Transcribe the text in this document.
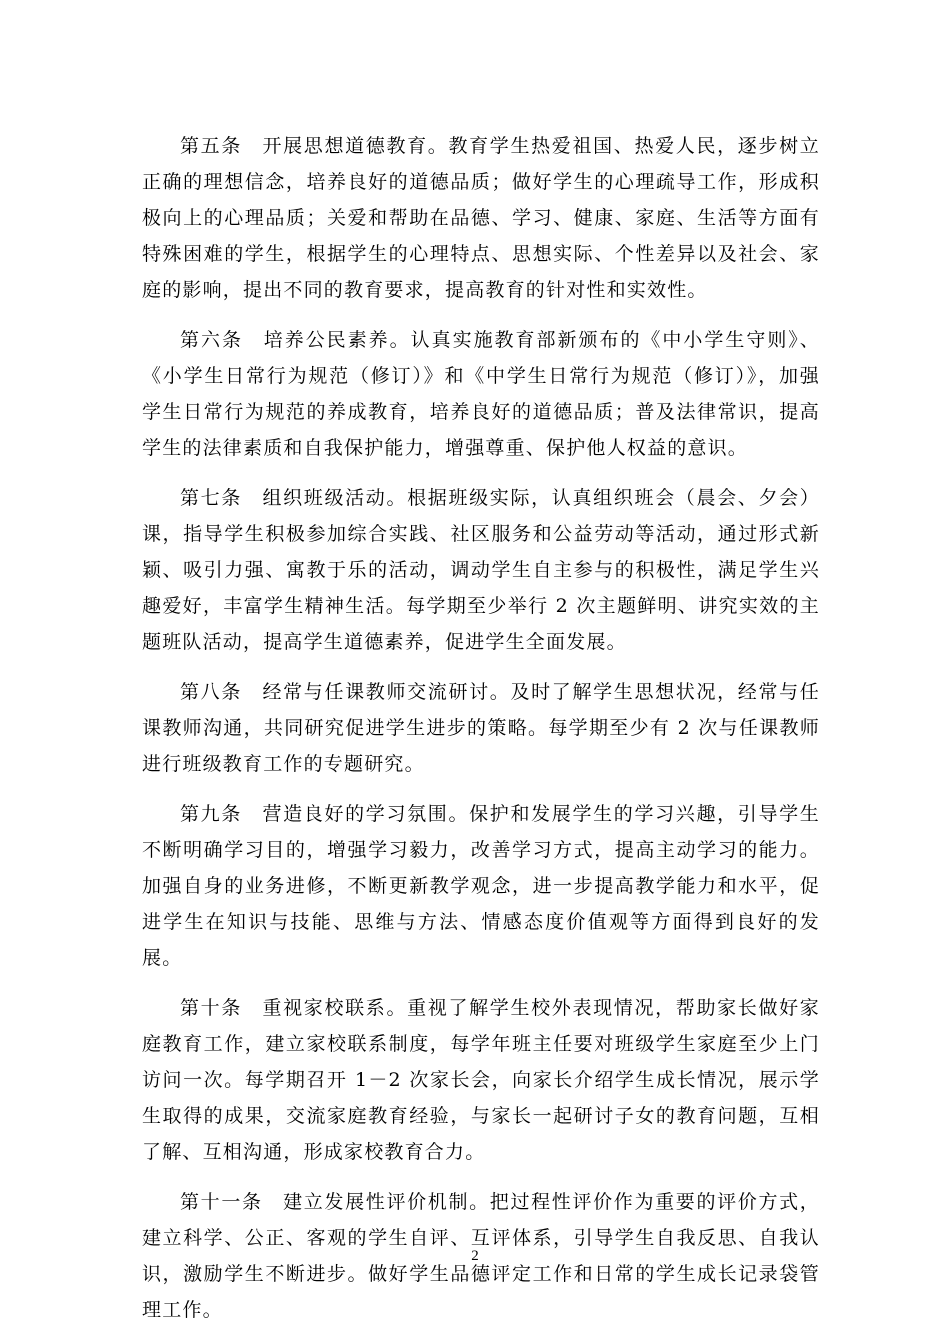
第五条 开展思想道德教育。教育学生热爱祖国、热爱人民，逐步树立正确的理想信念，培养良好的道德品质；做好学生的心理疏导工作，形成积极向上的心理品质；关爱和帮助在品德、学习、健康、家庭、生活等方面有特殊困难的学生，根据学生的心理特点、思想实际、个性差异以及社会、家庭的影响，提出不同的教育要求，提高教育的针对性和实效性。

第六条 培养公民素养。认真实施教育部新颁布的《中小学生守则》、《小学生日常行为规范（修订）》和《中学生日常行为规范（修订）》，加强学生日常行为规范的养成教育，培养良好的道德品质；普及法律常识，提高学生的法律素质和自我保护能力，增强尊重、保护他人权益的意识。

第七条 组织班级活动。根据班级实际，认真组织班会（晨会、夕会）课，指导学生积极参加综合实践、社区服务和公益劳动等活动，通过形式新颖、吸引力强、寓教于乐的活动，调动学生自主参与的积极性，满足学生兴趣爱好，丰富学生精神生活。每学期至少举行 2 次主题鲜明、讲究实效的主题班队活动，提高学生道德素养，促进学生全面发展。

第八条 经常与任课教师交流研讨。及时了解学生思想状况，经常与任课教师沟通，共同研究促进学生进步的策略。每学期至少有 2 次与任课教师进行班级教育工作的专题研究。

第九条 营造良好的学习氛围。保护和发展学生的学习兴趣，引导学生不断明确学习目的，增强学习毅力，改善学习方式，提高主动学习的能力。加强自身的业务进修，不断更新教学观念，进一步提高教学能力和水平，促进学生在知识与技能、思维与方法、情感态度价值观等方面得到良好的发展。

第十条 重视家校联系。重视了解学生校外表现情况，帮助家长做好家庭教育工作，建立家校联系制度，每学年班主任要对班级学生家庭至少上门访问一次。每学期召开 1－2 次家长会，向家长介绍学生成长情况，展示学生取得的成果，交流家庭教育经验，与家长一起研讨子女的教育问题，互相了解、互相沟通，形成家校教育合力。

第十一条 建立发展性评价机制。把过程性评价作为重要的评价方式，建立科学、公正、客观的学生自评、互评体系，引导学生自我反思、自我认识，激励学生不断进步。做好学生品德评定工作和日常的学生成长记录袋管理工作。

2
